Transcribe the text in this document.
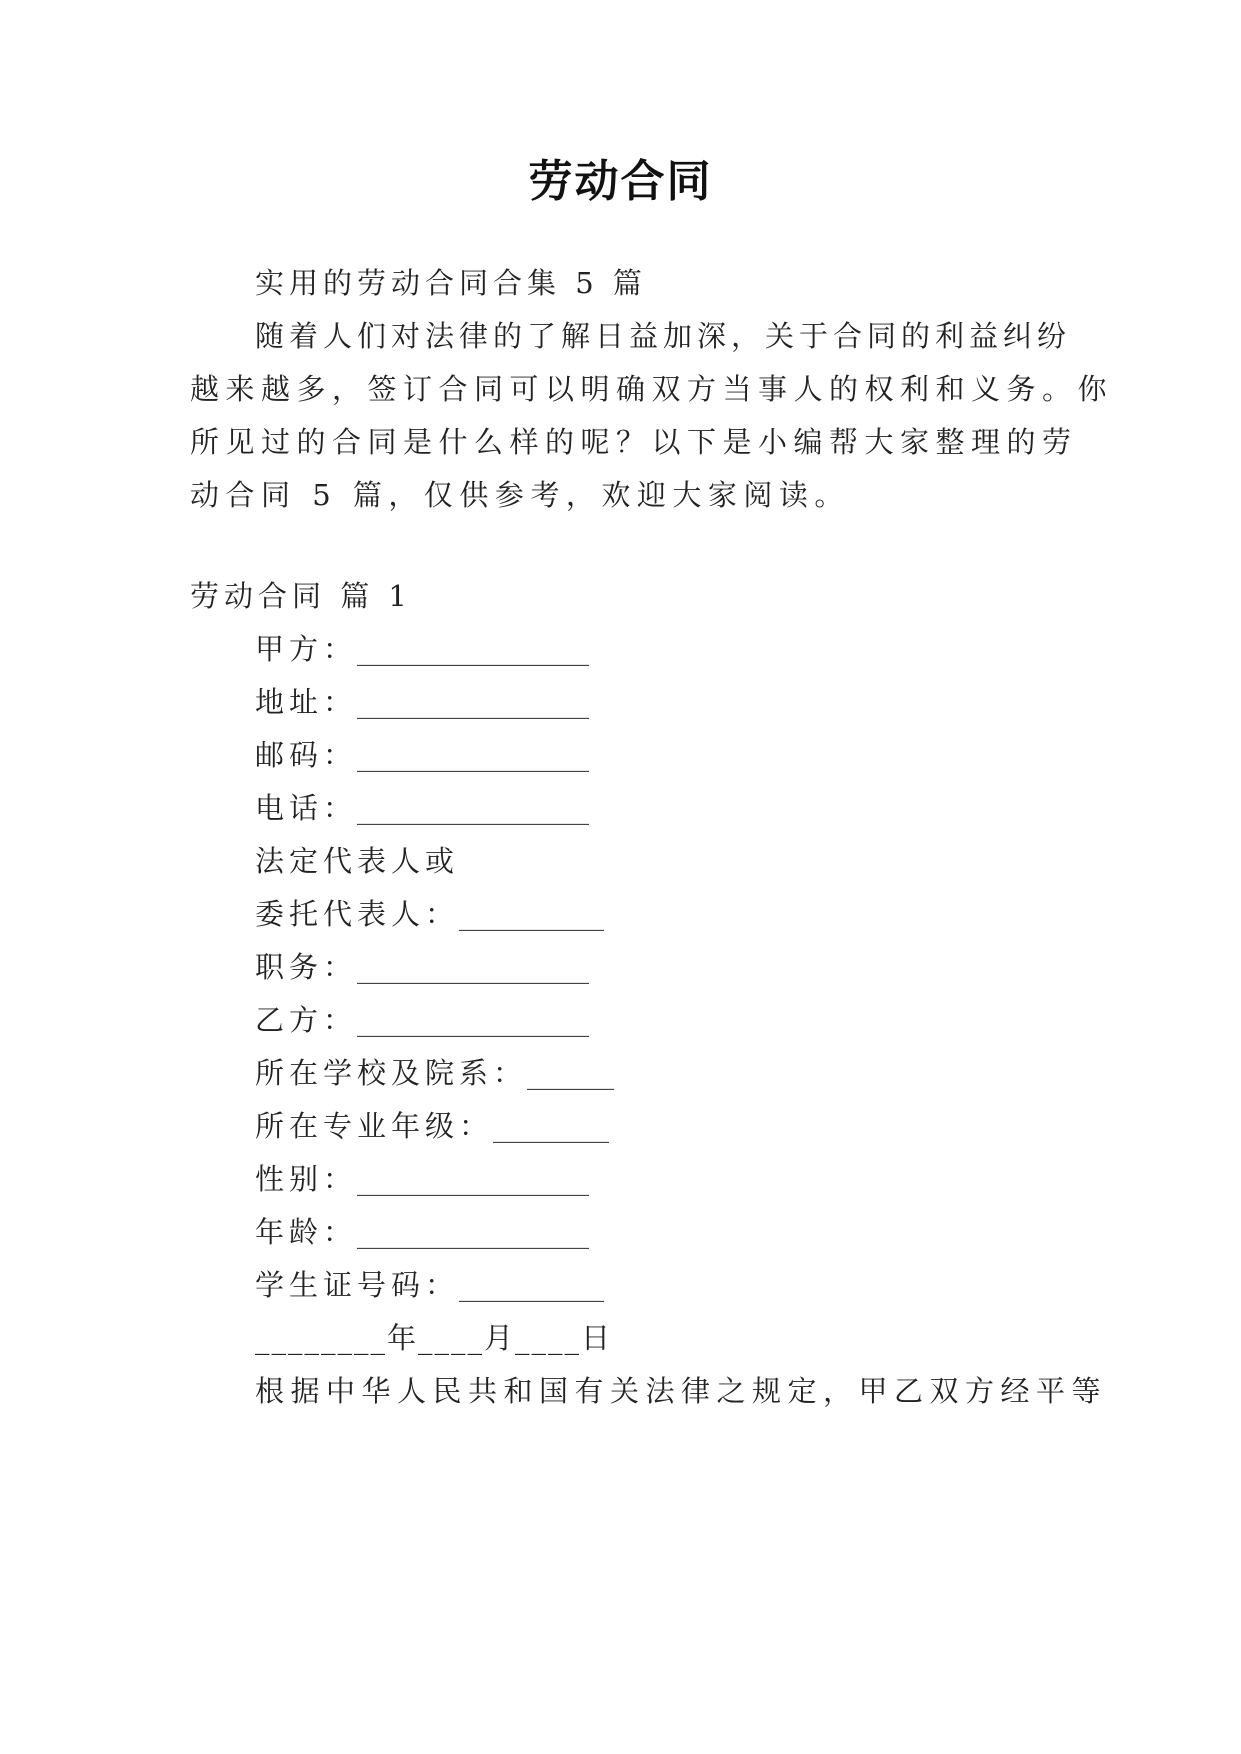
劳动合同
实用的劳动合同合集 5 篇
随着人们对法律的了解日益加深，关于合同的利益纠纷
越来越多，签订合同可以明确双方当事人的权利和义务。你
所见过的合同是什么样的呢？以下是小编帮大家整理的劳
动合同 5 篇，仅供参考，欢迎大家阅读。
劳动合同 篇 1
甲方：________________
地址：________________
邮码：________________
电话：________________
法定代表人或
委托代表人：__________
职务：________________
乙方：________________
所在学校及院系：______
所在专业年级：________
性别：________________
年龄：________________
学生证号码：__________
________年____月____日
根据中华人民共和国有关法律之规定，甲乙双方经平等
